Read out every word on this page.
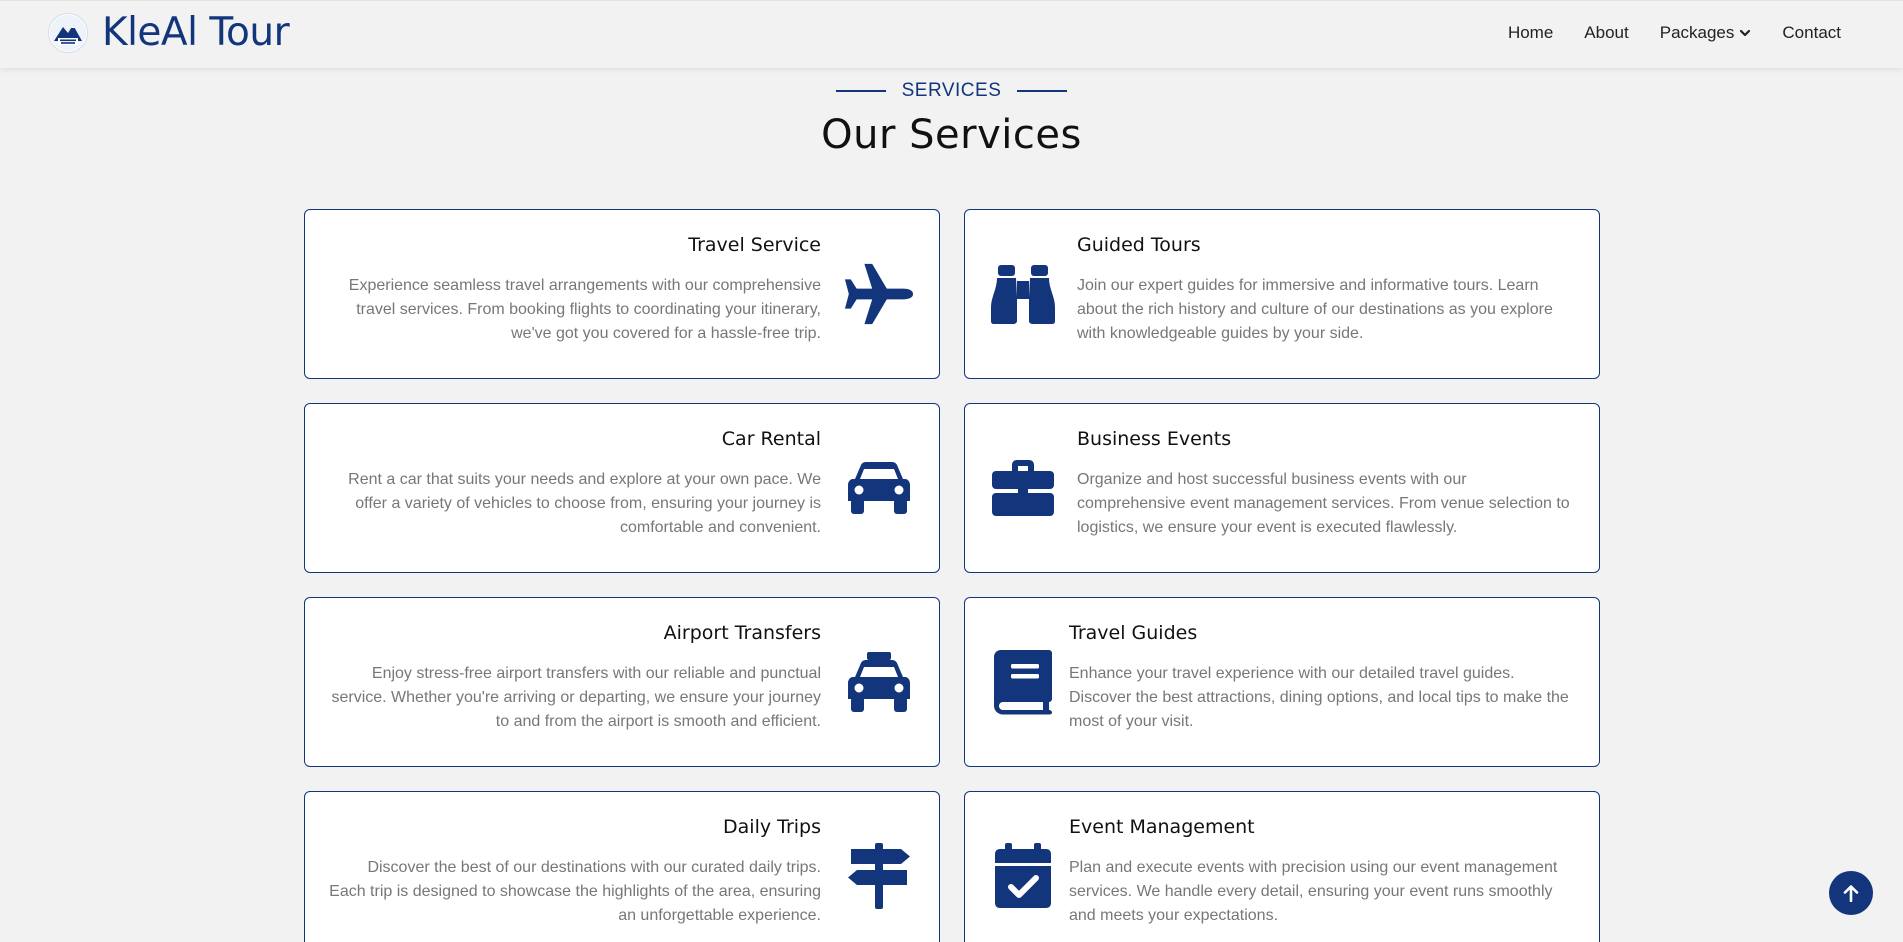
KleAl Tour	Home About Packages	Contact
SERVICES
Our Services
Travel Service
Experience seamless travel arrangements with our comprehensive travel services. From booking flights to coordinating your itinerary, we've got you covered for a hassle-free trip.
Guided Tours
Join our expert guides for immersive and informative tours. Learn about the rich history and culture of our destinations as you explore with knowledgeable guides by your side.
Car Rental
Rent a car that suits your needs and explore at your own pace. We offer a variety of vehicles to choose from, ensuring your journey is comfortable and convenient.
Business Events
Organize and host successful business events with our comprehensive event management services. From venue selection to logistics, we ensure your event is executed flawlessly.
Airport Transfers
Enjoy stress-free airport transfers with our reliable and punctual service. Whether you're arriving or departing, we ensure your journey to and from the airport is smooth and efficient.
Travel Guides
Enhance your travel experience with our detailed travel guides. Discover the best attractions, dining options, and local tips to make the most of your visit.
Daily Trips
Discover the best of our destinations with our curated daily trips. Each trip is designed to showcase the highlights of the area, ensuring an unforgettable experience.
Event Management
Plan and execute events with precision using our event management services. We handle every detail, ensuring your event runs smoothly and meets your expectations.
